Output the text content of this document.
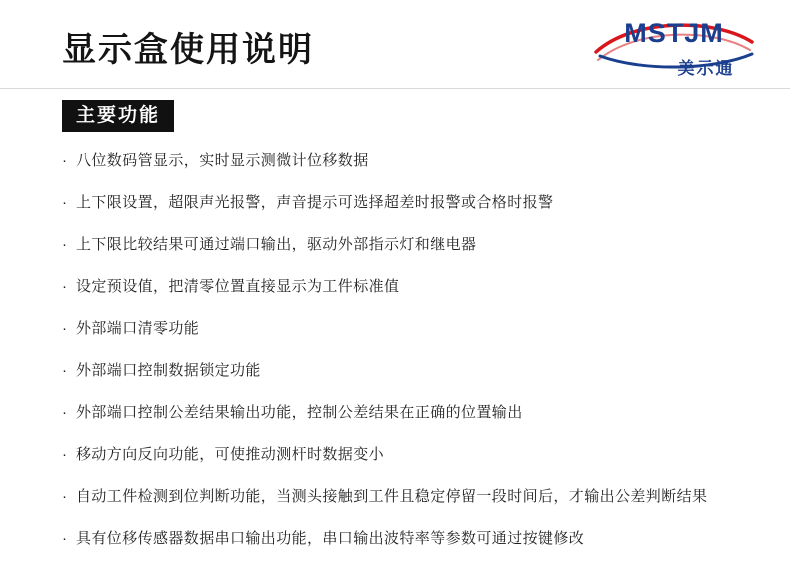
显示盒使用说明	MSTJM
美示通
主要功能
· 八位数码管显示，实时显示测微计位移数据
· 上下限设置，超限声光报警，声音提示可选择超差时报警或合格时报警
· 上下限比较结果可通过端口输出，驱动外部指示灯和继电器
· 设定预设值，把清零位置直接显示为工件标准值
· 外部端口清零功能
· 外部端口控制数据锁定功能
· 外部端口控制公差结果输出功能，控制公差结果在正确的位置输出
· 移动方向反向功能，可使推动测杆时数据变小
· 自动工件检测到位判断功能，当测头接触到工件且稳定停留一段时间后，才输出公差判断结果
· 具有位移传感器数据串口输出功能，串口输出波特率等参数可通过按键修改
